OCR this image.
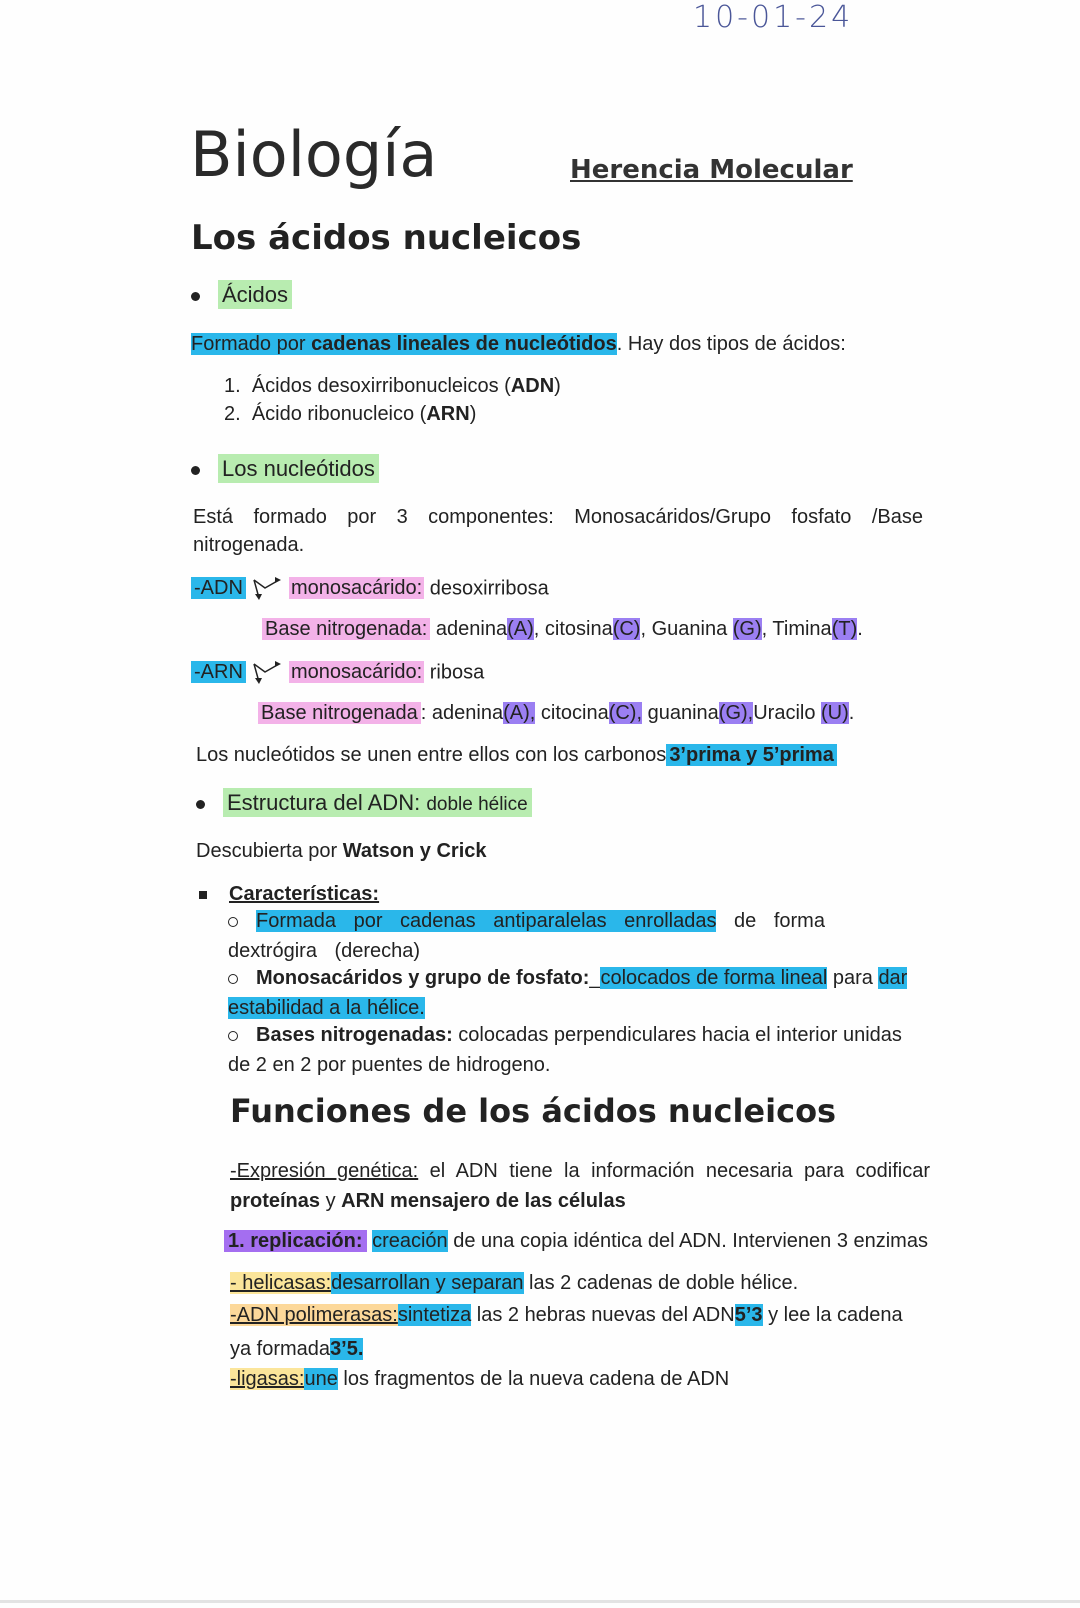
10-01-24
Biología	Herencia Molecular
Los ácidos nucleicos
Ácidos
Formado por cadenas lineales de nucleótidos. Hay dos tipos de ácidos:
1. Ácidos desoxirribonucleicos (ADN)
2. Ácido ribonucleico (ARN)
Los nucleótidos
Está formado por 3 componentes: Monosacáridos/Grupo fosfato /Base nitrogenada.
-ADN monosacárido: desoxirribosa
Base nitrogenada: adenina(A), citosina(C), Guanina (G), Timina(T).
-ARN monosacárido: ribosa
Base nitrogenada : adenina(A), citocina(C), guanina(G),Uracilo (U).
Los nucleótidos se unen entre ellos con los carbonos 3’prima y 5’prima
Estructura del ADN: doble hélice
Descubierta por Watson y Crick
Características:
Formada por cadenas antiparalelas enrolladas de forma dextrógira (derecha)
Monosacáridos y grupo de fosfato:_colocados de forma lineal para dar estabilidad a la hélice.
Bases nitrogenadas: colocadas perpendiculares hacia el interior unidas de 2 en 2 por puentes de hidrogeno.
Funciones de los ácidos nucleicos
-Expresión genética: el ADN tiene la información necesaria para codificar proteínas y ARN mensajero de las células
1. replicación: creación de una copia idéntica del ADN. Intervienen 3 enzimas
- helicasas:desarrollan y separan las 2 cadenas de doble hélice.
-ADN polimerasas:sintetiza las 2 hebras nuevas del ADN5’3 y lee la cadena
ya formada3’5.
-ligasas:une los fragmentos de la nueva cadena de ADN
